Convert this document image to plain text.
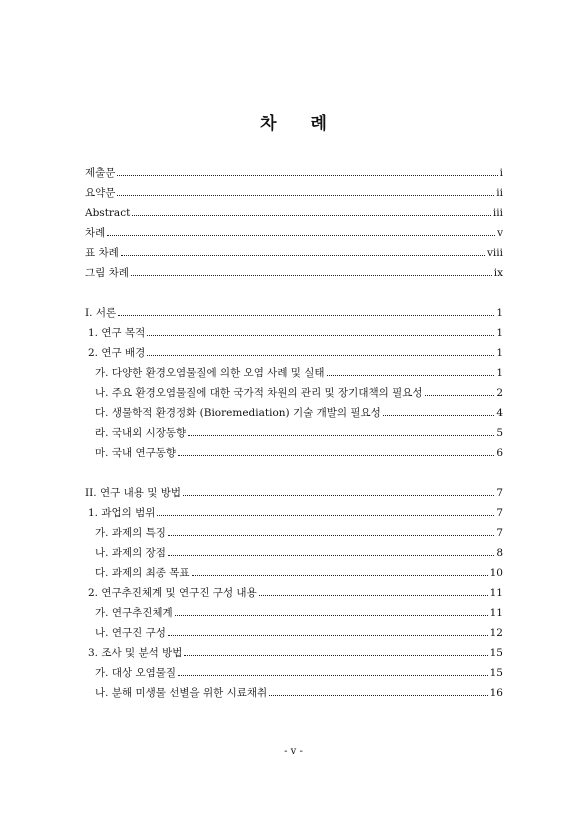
차 례
제출문	i
요약문	ii
Abstract	iii
차례	v
표 차례	viii
그림 차례	ix
I. 서론	1
1. 연구 목적	1
2. 연구 배경	1
가. 다양한 환경오염물질에 의한 오염 사례 및 실태	1
나. 주요 환경오염물질에 대한 국가적 차원의 관리 및 장기대책의 필요성	2
다. 생물학적 환경정화 (Bioremediation) 기술 개발의 필요성	4
라. 국내외 시장동향	5
마. 국내 연구동향	6
II. 연구 내용 및 방법	7
1. 과업의 범위	7
가. 과제의 특징	7
나. 과제의 장점	8
다. 과제의 최종 목표	10
2. 연구추진체계 및 연구진 구성 내용	11
가. 연구추진체계	11
나. 연구진 구성	12
3. 조사 및 분석 방법	15
가. 대상 오염물질	15
나. 분해 미생물 선별을 위한 시료채취	16
- v -
